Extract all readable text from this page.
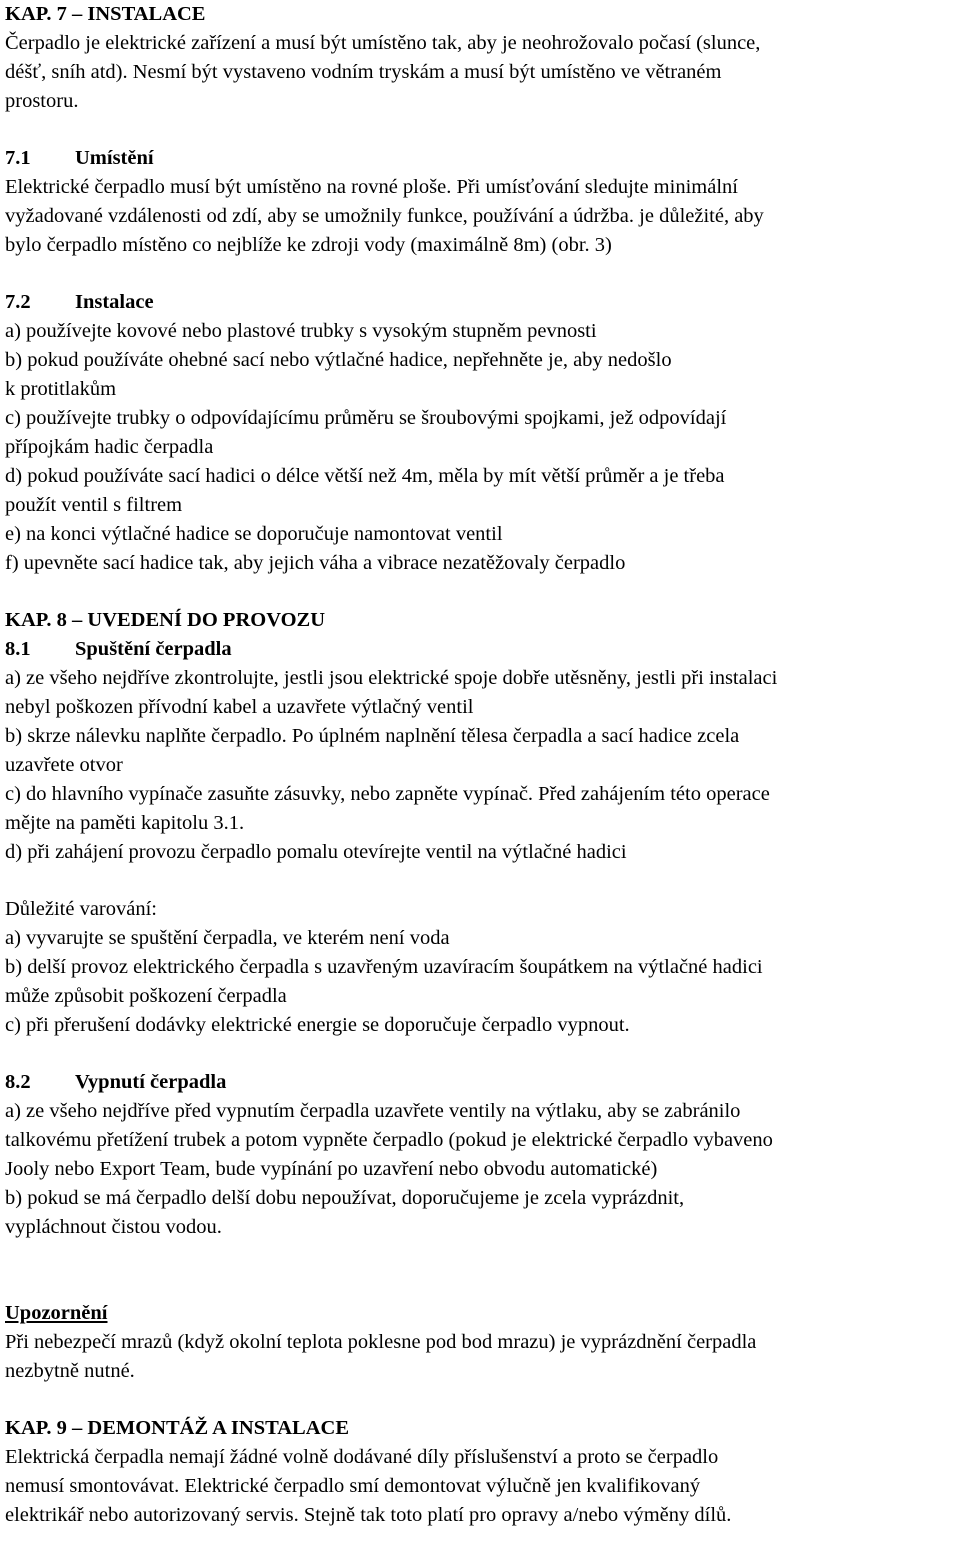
KAP. 7 – INSTALACE
Čerpadlo je elektrické zařízení a musí být umístěno tak, aby je neohrožovalo počasí (slunce,
déšť, sníh atd). Nesmí být vystaveno vodním tryskám a musí být umístěno ve větraném
prostoru.
7.1 Umístění
Elektrické čerpadlo musí být umístěno na rovné ploše. Při umísťování sledujte minimální
vyžadované vzdálenosti od zdí, aby se umožnily funkce, používání a údržba. je důležité, aby
bylo čerpadlo místěno co nejblíže ke zdroji vody (maximálně 8m) (obr. 3)
7.2 Instalace
a) používejte kovové nebo plastové trubky s vysokým stupněm pevnosti
b) pokud používáte ohebné sací nebo výtlačné hadice, nepřehněte je, aby nedošlo
k protitlakům
c) používejte trubky o odpovídajícímu průměru se šroubovými spojkami, jež odpovídají
přípojkám hadic čerpadla
d) pokud používáte sací hadici o délce větší než 4m, měla by mít větší průměr a je třeba
použít ventil s filtrem
e) na konci výtlačné hadice se doporučuje namontovat ventil
f) upevněte sací hadice tak, aby jejich váha a vibrace nezatěžovaly čerpadlo
KAP. 8 – UVEDENÍ DO PROVOZU
8.1 Spuštění čerpadla
a) ze všeho nejdříve zkontrolujte, jestli jsou elektrické spoje dobře utěsněny, jestli při instalaci
nebyl poškozen přívodní kabel a uzavřete výtlačný ventil
b) skrze nálevku naplňte čerpadlo. Po úplném naplnění tělesa čerpadla a sací hadice zcela
uzavřete otvor
c) do hlavního vypínače zasuňte zásuvky, nebo zapněte vypínač. Před zahájením této operace
mějte na paměti kapitolu 3.1.
d) při zahájení provozu čerpadlo pomalu otevírejte ventil na výtlačné hadici
Důležité varování:
a) vyvarujte se spuštění čerpadla, ve kterém není voda
b) delší provoz elektrického čerpadla s uzavřeným uzavíracím šoupátkem na výtlačné hadici
může způsobit poškození čerpadla
c) při přerušení dodávky elektrické energie se doporučuje čerpadlo vypnout.
8.2 Vypnutí čerpadla
a) ze všeho nejdříve před vypnutím čerpadla uzavřete ventily na výtlaku, aby se zabránilo
talkovému přetížení trubek a potom vypněte čerpadlo (pokud je elektrické čerpadlo vybaveno
Jooly nebo Export Team, bude vypínání po uzavření nebo obvodu automatické)
b) pokud se má čerpadlo delší dobu nepoužívat, doporučujeme je zcela vyprázdnit,
vypláchnout čistou vodou.
Upozornění
Při nebezpečí mrazů (když okolní teplota poklesne pod bod mrazu) je vyprázdnění čerpadla
nezbytně nutné.
KAP. 9 – DEMONTÁŽ A INSTALACE
Elektrická čerpadla nemají žádné volně dodávané díly příslušenství a proto se čerpadlo
nemusí smontovávat. Elektrické čerpadlo smí demontovat výlučně jen kvalifikovaný
elektrikář nebo autorizovaný servis. Stejně tak toto platí pro opravy a/nebo výměny dílů.
